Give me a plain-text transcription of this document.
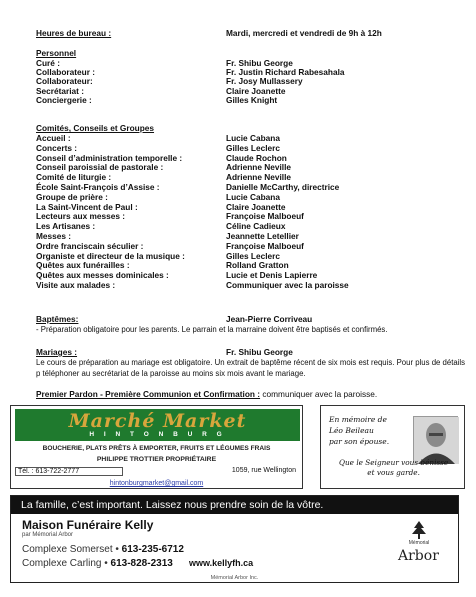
Heures de bureau :	Mardi, mercredi et vendredi de 9h à 12h
Personnel
Curé :	Fr. Shibu George
Collaborateur :	Fr. Justin Richard Rabesahala
Collaborateur:	Fr. Josy Mullassery
Secrétariat :	Claire Joanette
Conciergerie :	Gilles Knight
Comités, Conseils et Groupes
Accueil :	Lucie Cabana
Concerts :	Gilles Leclerc
Conseil d’administration temporelle :	Claude Rochon
Conseil paroissial de pastorale :	Adrienne Neville
Comité de liturgie :	Adrienne Neville
École Saint-François d’Assise :	Danielle McCarthy, directrice
Groupe de prière :	Lucie Cabana
La Saint-Vincent de Paul :	Claire Joanette
Lecteurs aux messes :	Françoise Malboeuf
Les Artisanes :	Céline Cadieux
Messes :	Jeannette Letellier
Ordre franciscain séculier :	Françoise Malboeuf
Organiste et directeur de la musique :	Gilles Leclerc
Quêtes aux funérailles :	Rolland Gratton
Quêtes aux messes dominicales :	Lucie et Denis Lapierre
Visite aux malades :	Communiquer avec la paroisse
Baptêmes:	Jean-Pierre Corriveau
- Préparation obligatoire pour les parents. Le parrain et la marraine doivent être baptisés et confirmés.
Mariages :	Fr. Shibu George
Le cours de préparation au mariage est obligatoire. Un extrait de baptême récent de six mois est requis. Pour plus de détails
p téléphoner au secrétariat de la paroisse au moins six mois avant le mariage.
Premier Pardon - Première Communion et Confirmation : communiquer avec la paroisse.
Marché Market
H I N T O N B U R G
BOUCHERIE, PLATS PRÊTS À EMPORTER, FRUITS ET LÉGUMES FRAIS
PHILIPPE TROTTIER PROPRIÉTAIRE
Tél. : 613-722-2777	1059, rue Wellington
hintonburgmarket@gmail.com
En mémoire de
Léo Beileau
par son épouse.
Que le Seigneur vous bénisse
et vous garde.
La famille, c’est important. Laissez nous prendre soin de la vôtre.
Maison Funéraire Kelly
par Mémorial Arbor
Complexe Somerset • 613-235-6712
Complexe Carling • 613-828-2313 www.kellyfh.ca
Mémorial
Arbor
Mémorial Arbor Inc.
